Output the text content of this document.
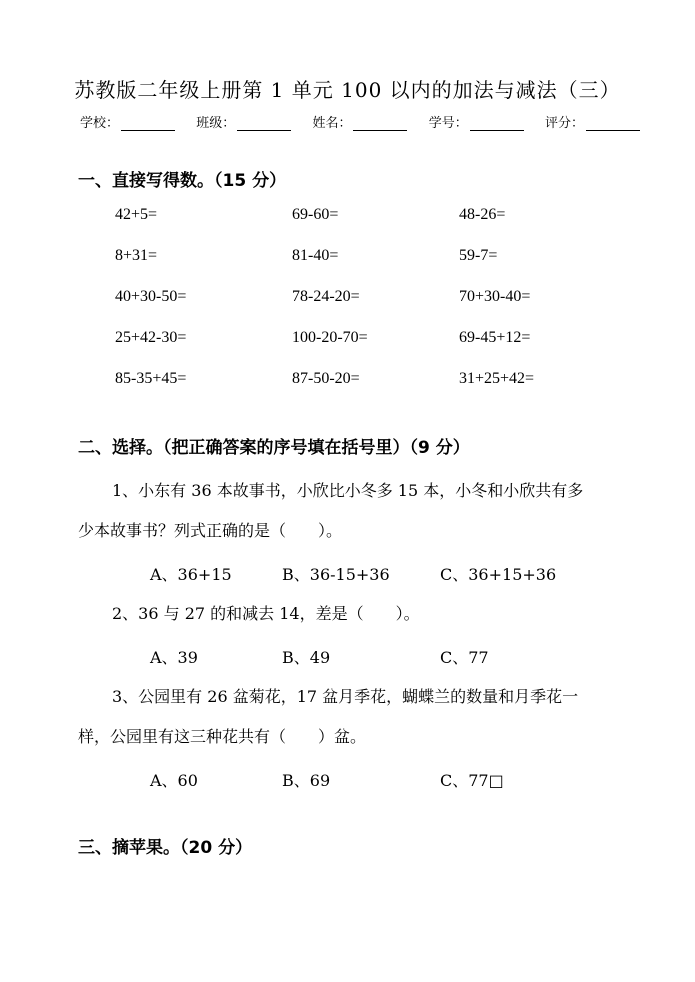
苏教版二年级上册第 1 单元 100 以内的加法与减法（三）
学校：	班级：	姓名：	学号：	评分：
一、直接写得数。（15 分）
42+5=	69-60=	48-26=
8+31=	81-40=	59-7=
40+30-50=	78-24-20=	70+30-40=
25+42-30=	100-20-70=	69-45+12=
85-35+45=	87-50-20=	31+25+42=
二、选择。（把正确答案的序号填在括号里）（9 分）
1、小东有 36 本故事书，小欣比小冬多 15 本，小冬和小欣共有多
少本故事书？列式正确的是（　　）。
A、36+15	B、36-15+36	C、36+15+36
2、36 与 27 的和减去 14，差是（　　）。
A、39	B、49	C、77
3、公园里有 26 盆菊花，17 盆月季花，蝴蝶兰的数量和月季花一
样，公园里有这三种花共有（　　）盆。
A、60	B、69	C、77□
三、摘苹果。（20 分）
